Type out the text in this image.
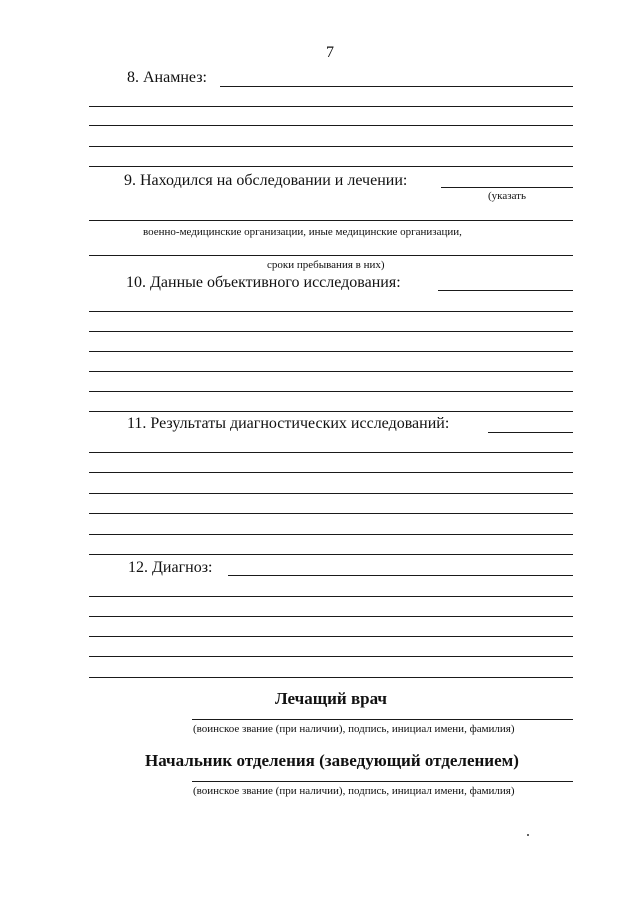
7
8. Анамнез:
9. Находился на обследовании и лечении:
(указать
военно-медицинские организации, иные медицинские организации,
сроки пребывания в них)
10. Данные объективного исследования:
11. Результаты диагностических исследований:
12. Диагноз:
Лечащий врач
(воинское звание (при наличии), подпись, инициал имени, фамилия)
Начальник отделения (заведующий отделением)
(воинское звание (при наличии), подпись, инициал имени, фамилия)
